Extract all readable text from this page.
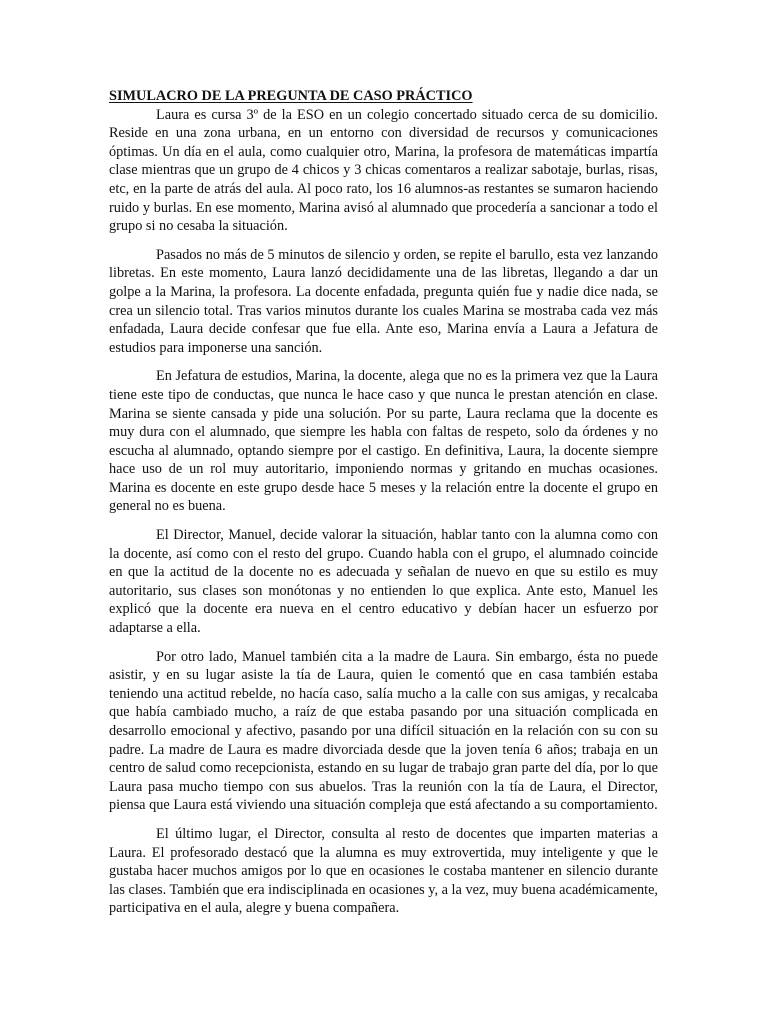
SIMULACRO DE LA PREGUNTA DE CASO PRÁCTICO

Laura es cursa 3º de la ESO en un colegio concertado situado cerca de su domicilio. Reside en una zona urbana, en un entorno con diversidad de recursos y comunicaciones óptimas. Un día en el aula, como cualquier otro, Marina, la profesora de matemáticas impartía clase mientras que un grupo de 4 chicos y 3 chicas comentaros a realizar sabotaje, burlas, risas, etc, en la parte de atrás del aula. Al poco rato, los 16 alumnos-as restantes se sumaron haciendo ruido y burlas. En ese momento, Marina avisó al alumnado que procedería a sancionar a todo el grupo si no cesaba la situación.

Pasados no más de 5 minutos de silencio y orden, se repite el barullo, esta vez lanzando libretas. En este momento, Laura lanzó decididamente una de las libretas, llegando a dar un golpe a la Marina, la profesora. La docente enfadada, pregunta quién fue y nadie dice nada, se crea un silencio total. Tras varios minutos durante los cuales Marina se mostraba cada vez más enfadada, Laura decide confesar que fue ella. Ante eso, Marina envía a Laura a Jefatura de estudios para imponerse una sanción.

En Jefatura de estudios, Marina, la docente, alega que no es la primera vez que la Laura tiene este tipo de conductas, que nunca le hace caso y que nunca le prestan atención en clase. Marina se siente cansada y pide una solución. Por su parte, Laura reclama que la docente es muy dura con el alumnado, que siempre les habla con faltas de respeto, solo da órdenes y no escucha al alumnado, optando siempre por el castigo. En definitiva, Laura, la docente siempre hace uso de un rol muy autoritario, imponiendo normas y gritando en muchas ocasiones. Marina es docente en este grupo desde hace 5 meses y la relación entre la docente el grupo en general no es buena.

El Director, Manuel, decide valorar la situación, hablar tanto con la alumna como con la docente, así como con el resto del grupo. Cuando habla con el grupo, el alumnado coincide en que la actitud de la docente no es adecuada y señalan de nuevo en que su estilo es muy autoritario, sus clases son monótonas y no entienden lo que explica. Ante esto, Manuel les explicó que la docente era nueva en el centro educativo y debían hacer un esfuerzo por adaptarse a ella.

Por otro lado, Manuel también cita a la madre de Laura. Sin embargo, ésta no puede asistir, y en su lugar asiste la tía de Laura, quien le comentó que en casa también estaba teniendo una actitud rebelde, no hacía caso, salía mucho a la calle con sus amigas, y recalcaba que había cambiado mucho, a raíz de que estaba pasando por una situación complicada en desarrollo emocional y afectivo, pasando por una difícil situación en la relación con su con su padre. La madre de Laura es madre divorciada desde que la joven tenía 6 años; trabaja en un centro de salud como recepcionista, estando en su lugar de trabajo gran parte del día, por lo que Laura pasa mucho tiempo con sus abuelos. Tras la reunión con la tía de Laura, el Director, piensa que Laura está viviendo una situación compleja que está afectando a su comportamiento.

El último lugar, el Director, consulta al resto de docentes que imparten materias a Laura. El profesorado destacó que la alumna es muy extrovertida, muy inteligente y que le gustaba hacer muchos amigos por lo que en ocasiones le costaba mantener en silencio durante las clases. También que era indisciplinada en ocasiones y, a la vez, muy buena académicamente, participativa en el aula, alegre y buena compañera.
